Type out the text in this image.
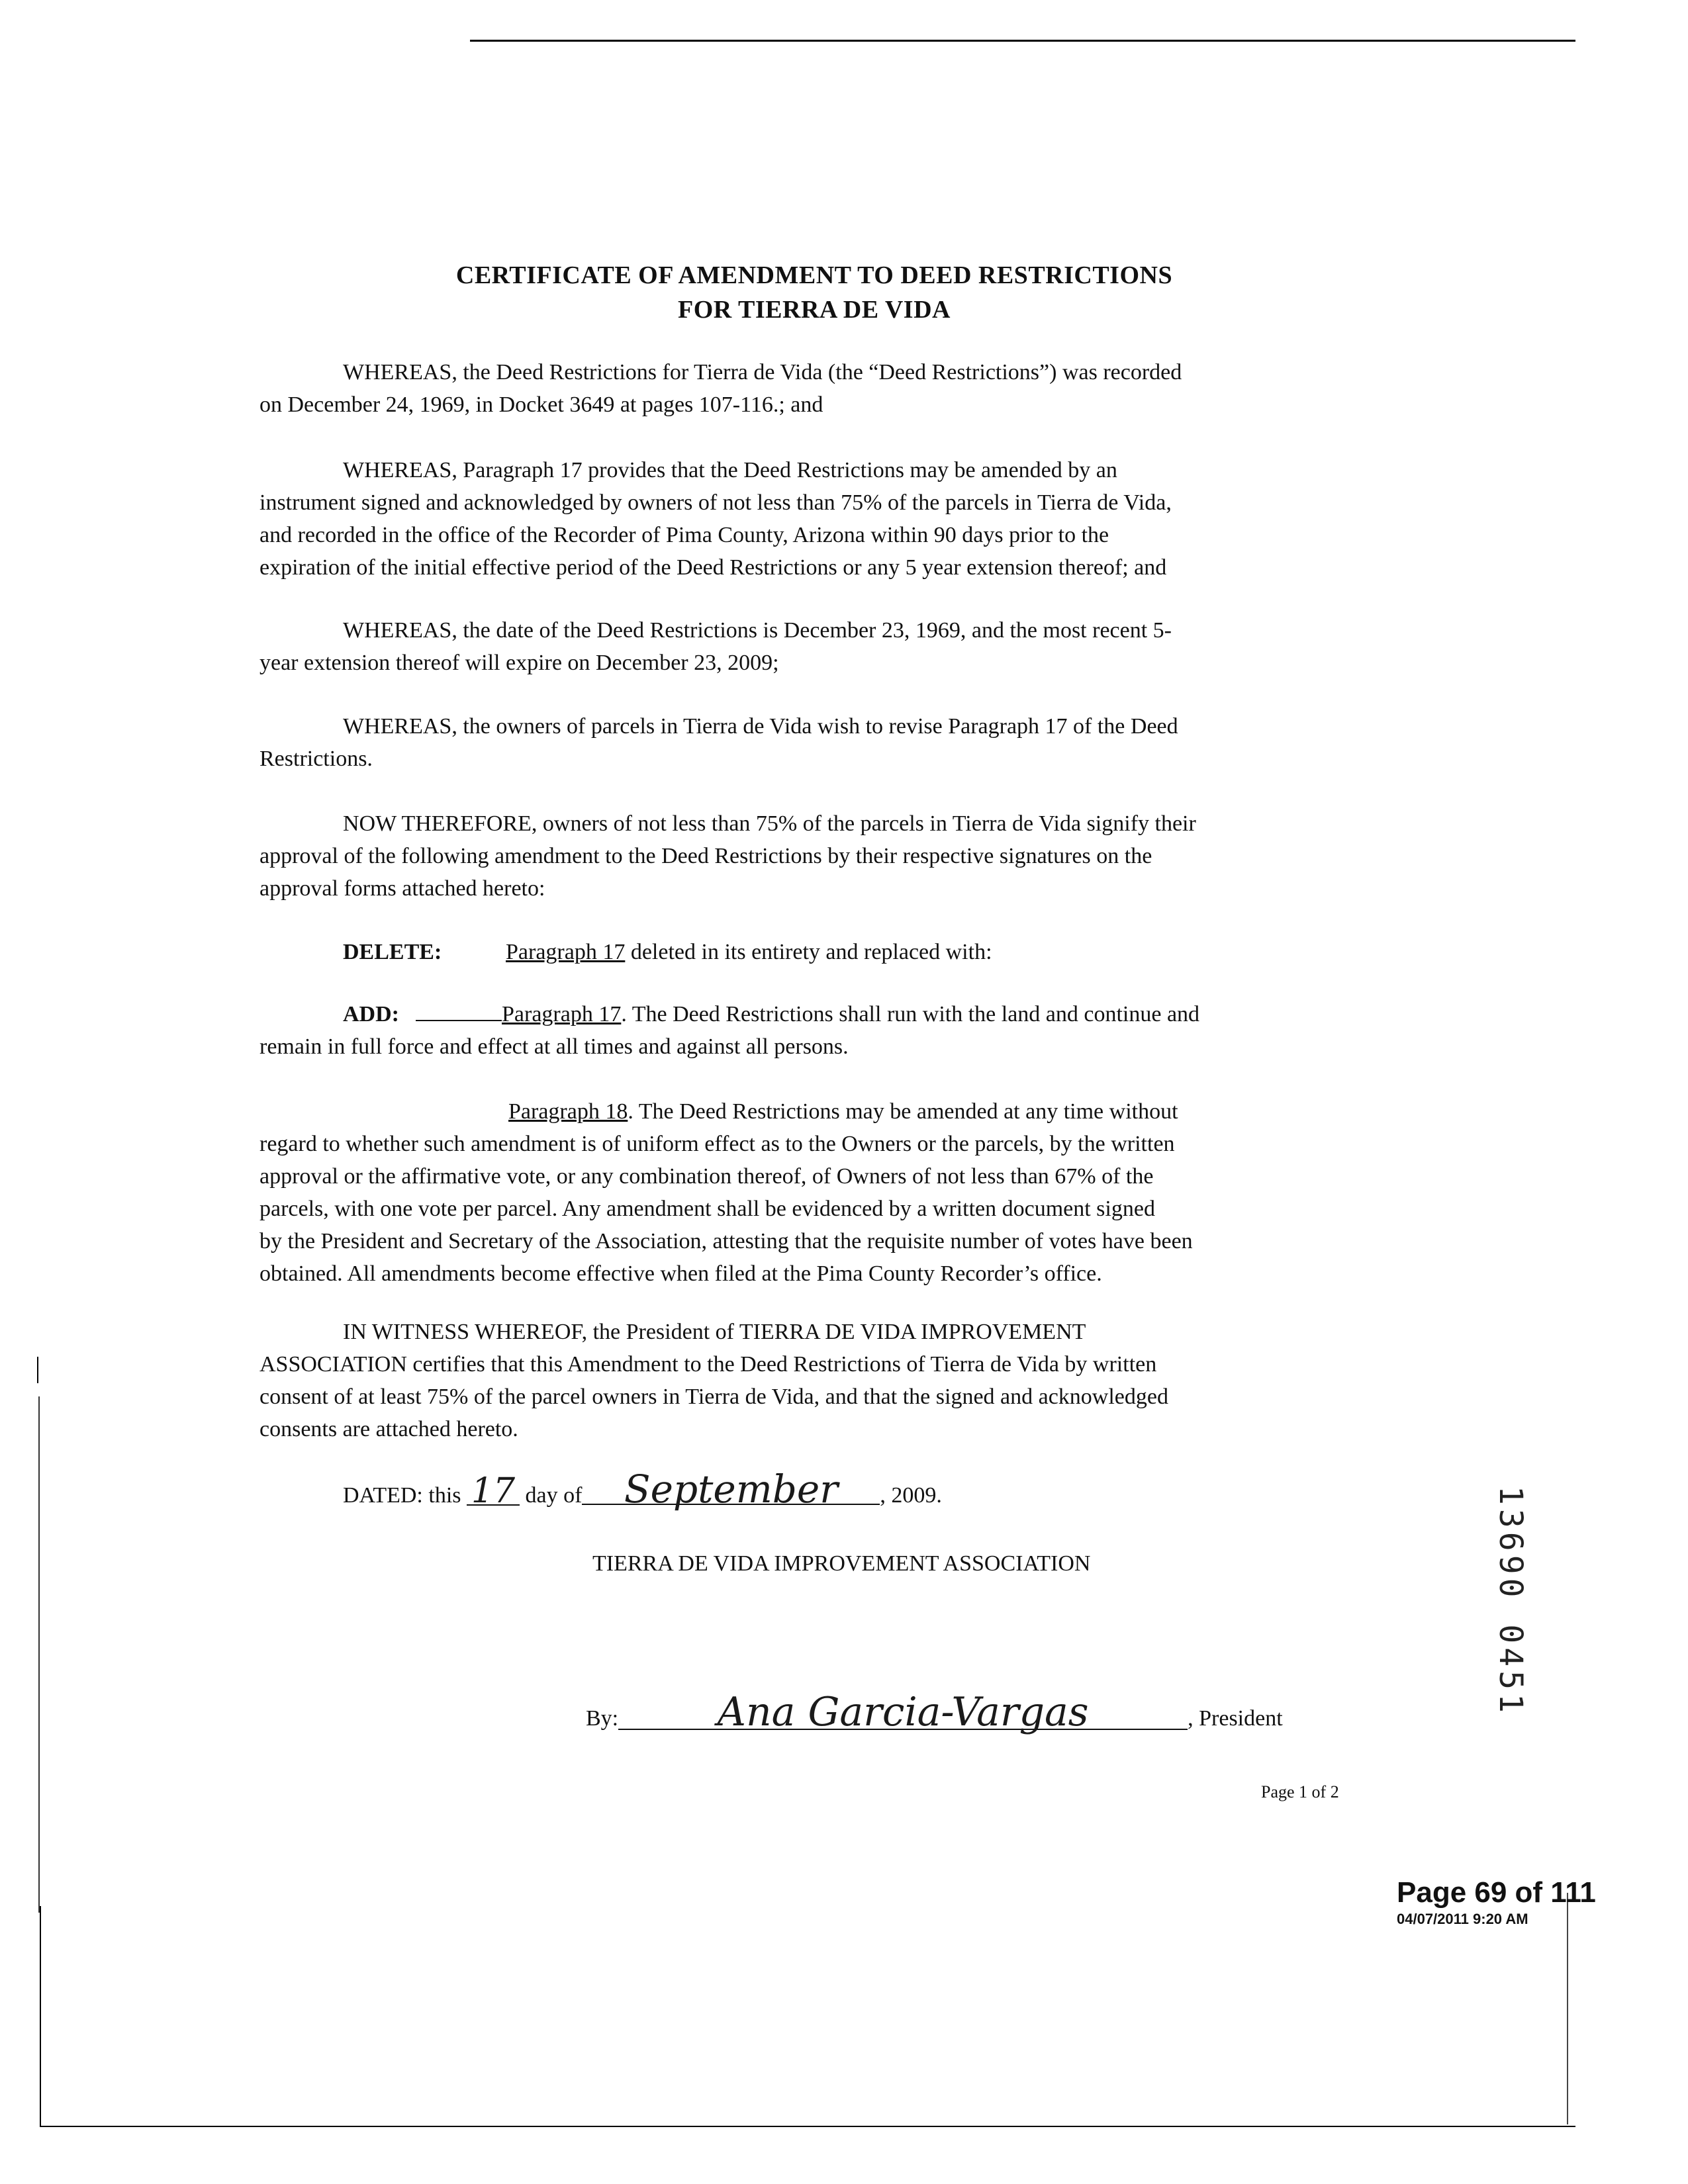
CERTIFICATE OF AMENDMENT TO DEED RESTRICTIONS
FOR TIERRA DE VIDA
WHEREAS, the Deed Restrictions for Tierra de Vida (the “Deed Restrictions”) was recorded
on December 24, 1969, in Docket 3649 at pages 107-116.; and
WHEREAS, Paragraph 17 provides that the Deed Restrictions may be amended by an
instrument signed and acknowledged by owners of not less than 75% of the parcels in Tierra de Vida,
and recorded in the office of the Recorder of Pima County, Arizona within 90 days prior to the
expiration of the initial effective period of the Deed Restrictions or any 5 year extension thereof; and
WHEREAS, the date of the Deed Restrictions is December 23, 1969, and the most recent 5-
year extension thereof will expire on December 23, 2009;
WHEREAS, the owners of parcels in Tierra de Vida wish to revise Paragraph 17 of the Deed
Restrictions.
NOW THEREFORE, owners of not less than 75% of the parcels in Tierra de Vida signify their
approval of the following amendment to the Deed Restrictions by their respective signatures on the
approval forms attached hereto:
DELETE:	Paragraph 17 deleted in its entirety and replaced with:
ADD:	Paragraph 17. The Deed Restrictions shall run with the land and continue and
remain in full force and effect at all times and against all persons.
Paragraph 18. The Deed Restrictions may be amended at any time without
regard to whether such amendment is of uniform effect as to the Owners or the parcels, by the written
approval or the affirmative vote, or any combination thereof, of Owners of not less than 67% of the
parcels, with one vote per parcel. Any amendment shall be evidenced by a written document signed
by the President and Secretary of the Association, attesting that the requisite number of votes have been
obtained. All amendments become effective when filed at the Pima County Recorder’s office.
IN WITNESS WHEREOF, the President of TIERRA DE VIDA IMPROVEMENT
ASSOCIATION certifies that this Amendment to the Deed Restrictions of Tierra de Vida by written
consent of at least 75% of the parcel owners in Tierra de Vida, and that the signed and acknowledged
consents are attached hereto.
DATED: this 17 day of September , 2009.
TIERRA DE VIDA IMPROVEMENT ASSOCIATION
By: Ana Garcia-Vargas	, President
Page 1 of 2
Page 69 of 111
04/07/2011 9:20 AM
13690 0451
